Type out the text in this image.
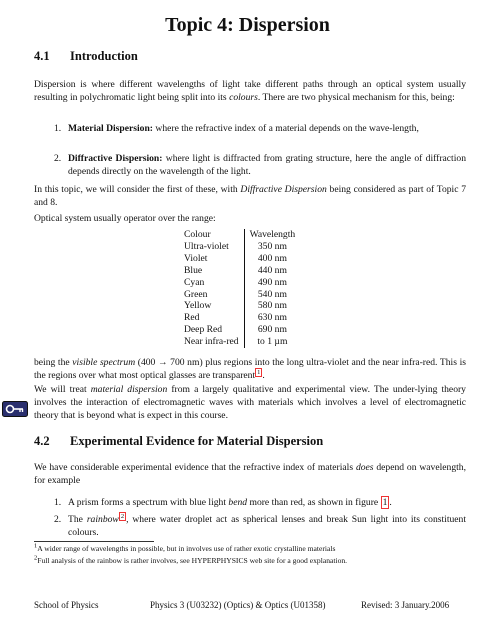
Topic 4: Dispersion
4.1 Introduction
Dispersion is where different wavelengths of light take different paths through an optical system usually resulting in polychromatic light being split into its colours. There are two physical mechanism for this, being:
1. Material Dispersion: where the refractive index of a material depends on the wave-length,
2. Diffractive Dispersion: where light is diffracted from grating structure, here the angle of diffraction depends directly on the wavelength of the light.
In this topic, we will consider the first of these, with Diffractive Dispersion being considered as part of Topic 7 and 8.
Optical system usually operator over the range:
Colour	Wavelength
Ultra-violet	350 nm
Violet	400 nm
Blue	440 nm
Cyan	490 nm
Green	540 nm
Yellow	580 nm
Red	630 nm
Deep Red	690 nm
Near infra-red	to 1 µm
being the visible spectrum (400 → 700 nm) plus regions into the long ultra-violet and the near infra-red. This is the regions over what most optical glasses are transparent $^1$ .
We will treat material dispersion from a largely qualitative and experimental view. The under-lying theory involves the interaction of electromagnetic waves with materials which involves a level of electromagnetic theory that is beyond what is expect in this course.
4.2 Experimental Evidence for Material Dispersion
We have considerable experimental evidence that the refractive index of materials does depend on wavelength, for example
1. A prism forms a spectrum with blue light bend more than red, as shown in figure 1 .
2. The rainbow $^2$ , where water droplet act as spherical lenses and break Sun light into its constituent colours.
$^1$A wider range of wavelengths in possible, but in involves use of rather exotic crystalline materials
$^2$Full analysis of the rainbow is rather involves, see HYPERPHYSICS web site for a good explanation.
School of Physics	Physics 3 (U03232) (Optics) & Optics (U01358)	Revised: 3 January.2006
